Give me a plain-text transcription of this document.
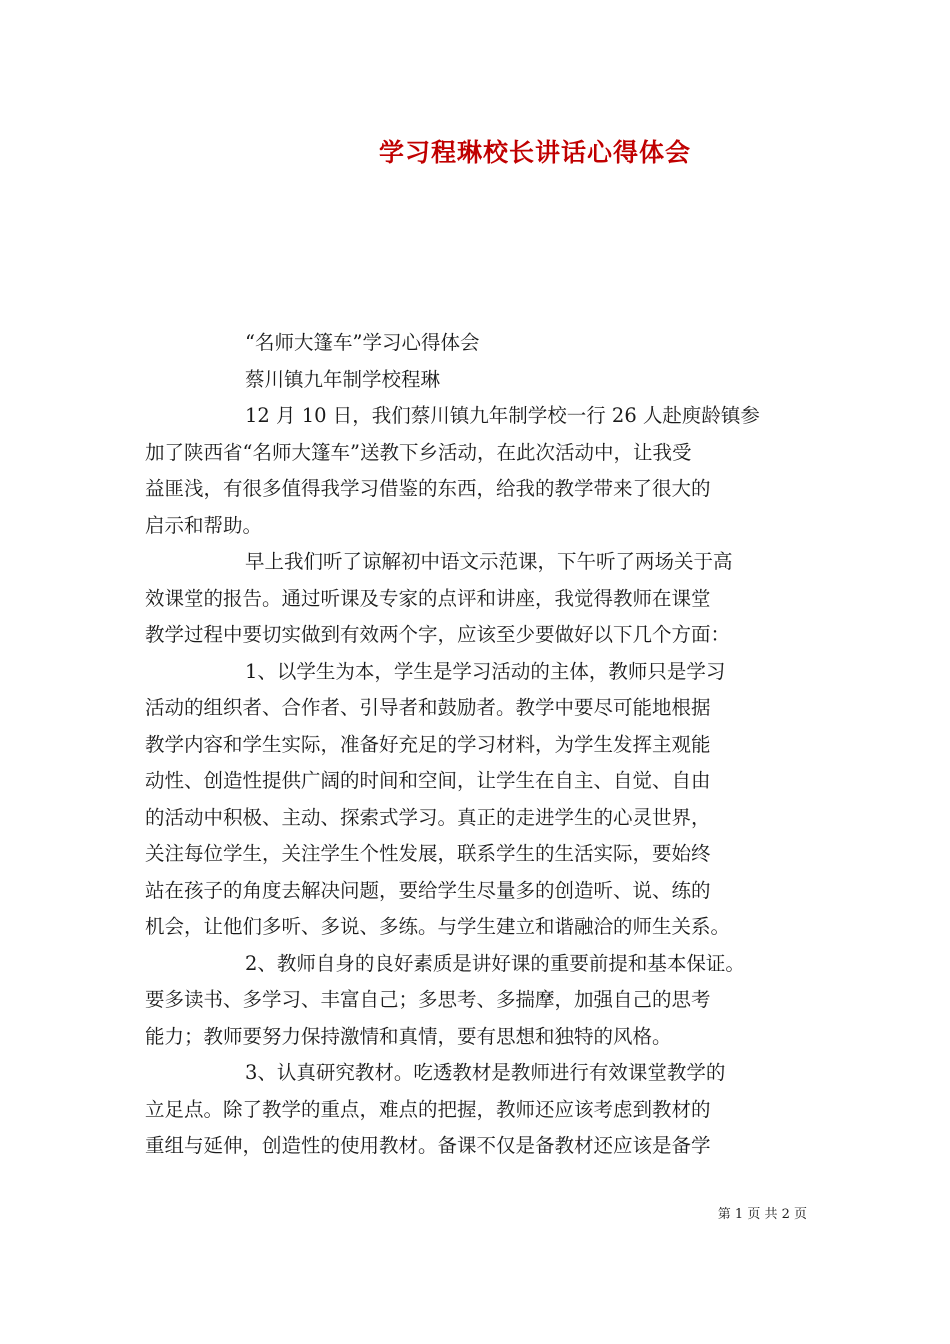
学习程琳校长讲话心得体会
“名师大篷车”学习心得体会
蔡川镇九年制学校程琳
12 月 10 日，我们蔡川镇九年制学校一行 26 人赴庾龄镇参
加了陕西省“名师大篷车”送教下乡活动，在此次活动中，让我受
益匪浅，有很多值得我学习借鉴的东西，给我的教学带来了很大的
启示和帮助。
早上我们听了谅解初中语文示范课，下午听了两场关于高
效课堂的报告。通过听课及专家的点评和讲座，我觉得教师在课堂
教学过程中要切实做到有效两个字，应该至少要做好以下几个方面：
1、以学生为本，学生是学习活动的主体，教师只是学习
活动的组织者、合作者、引导者和鼓励者。教学中要尽可能地根据
教学内容和学生实际，准备好充足的学习材料，为学生发挥主观能
动性、创造性提供广阔的时间和空间，让学生在自主、自觉、自由
的活动中积极、主动、探索式学习。真正的走进学生的心灵世界，
关注每位学生，关注学生个性发展，联系学生的生活实际，要始终
站在孩子的角度去解决问题，要给学生尽量多的创造听、说、练的
机会，让他们多听、多说、多练。与学生建立和谐融洽的师生关系。
2、教师自身的良好素质是讲好课的重要前提和基本保证。
要多读书、多学习、丰富自己；多思考、多揣摩，加强自己的思考
能力；教师要努力保持激情和真情，要有思想和独特的风格。
3、认真研究教材。吃透教材是教师进行有效课堂教学的
立足点。除了教学的重点，难点的把握，教师还应该考虑到教材的
重组与延伸，创造性的使用教材。备课不仅是备教材还应该是备学
第 1 页 共 2 页
